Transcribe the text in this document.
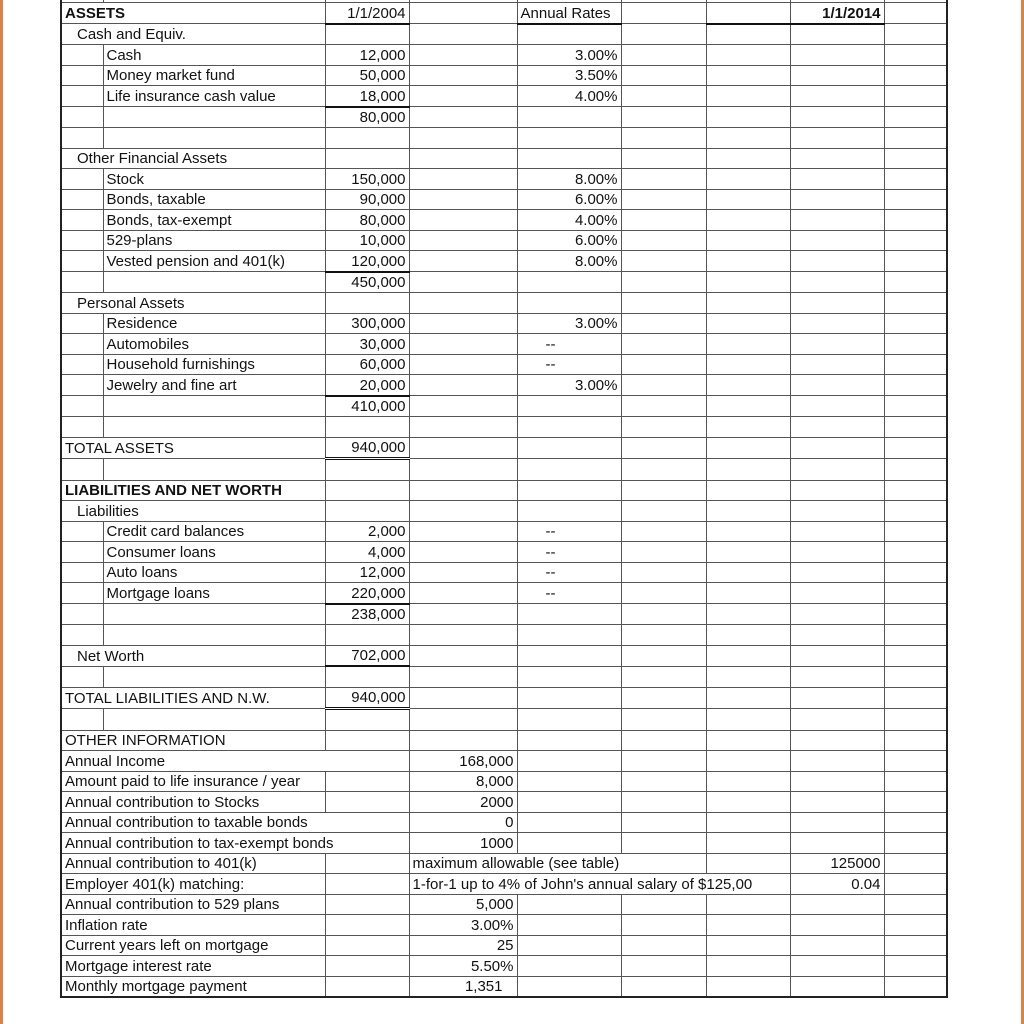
ASSETS		1/1/2004		Annual Rates			1/1/2014	
Cash and Equiv.								
	Cash	12,000		3.00%				
	Money market fund	50,000		3.50%				
	Life insurance cash value	18,000		4.00%				
		80,000						

Other Financial Assets								
	Stock	150,000		8.00%				
	Bonds, taxable	90,000		6.00%				
	Bonds, tax-exempt	80,000		4.00%				
	529-plans	10,000		6.00%				
	Vested pension and 401(k)	120,000		8.00%				
		450,000						
Personal Assets								
	Residence	300,000		3.00%				
	Automobiles	30,000		--				
	Household furnishings	60,000		--				
	Jewelry and fine art	20,000		3.00%				
		410,000						

TOTAL ASSETS		940,000						

LIABILITIES AND NET WORTH								
Liabilities								
	Credit card balances	2,000		--				
	Consumer loans	4,000		--				
	Auto loans	12,000		--				
	Mortgage loans	220,000		--				
		238,000						

Net Worth		702,000						

TOTAL LIABILITIES AND N.W.		940,000						

OTHER INFORMATION								
Annual Income			168,000					
Amount paid to life insurance / year			8,000					
Annual contribution to Stocks			2000					
Annual contribution to taxable bonds			0					
Annual contribution to tax-exempt bonds			1000					
Annual contribution to 401(k)			maximum allowable (see table)				125000	
Employer 401(k) matching:			1-for-1 up to 4% of John's annual salary of $125,00				0.04	
Annual contribution to 529 plans			5,000					
Inflation rate			3.00%					
Current years left on mortgage			25					
Mortgage interest rate			5.50%					
Monthly mortgage payment			1,351					
